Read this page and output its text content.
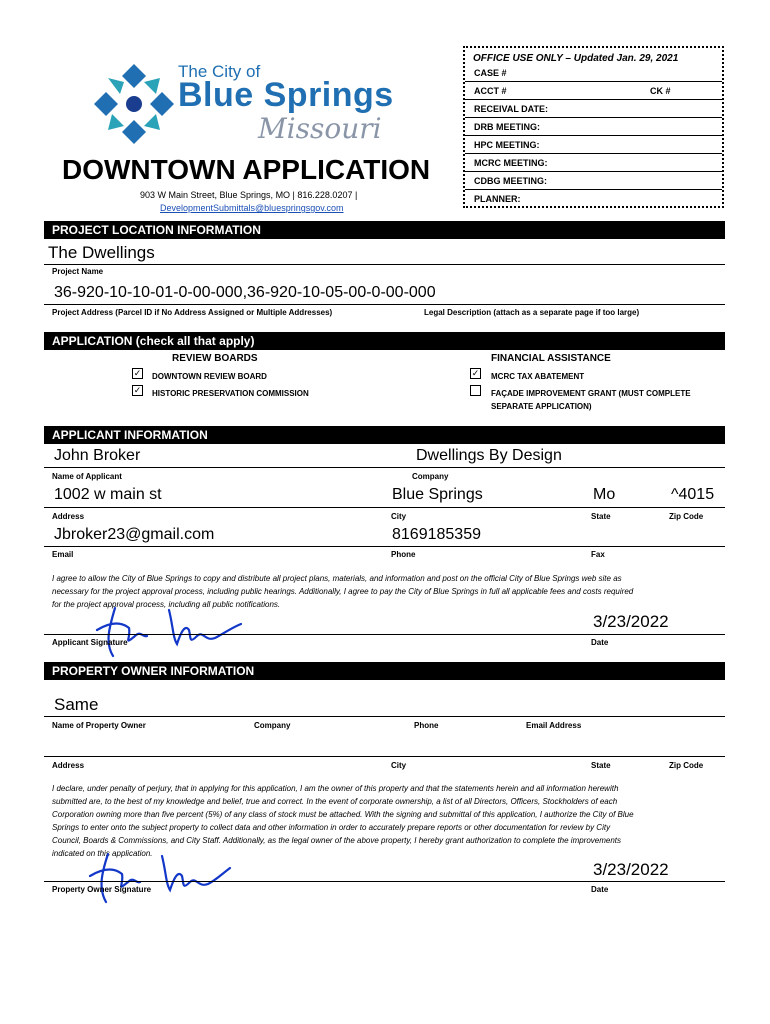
The City of
Blue Springs
Missouri
DOWNTOWN APPLICATION
903 W Main Street, Blue Springs, MO | 816.228.0207 |
DevelopmentSubmittals@bluespringsgov.com
OFFICE USE ONLY – Updated Jan. 29, 2021
CASE #
ACCT #	CK #
RECEIVAL DATE:
DRB MEETING:
HPC MEETING:
MCRC MEETING:
CDBG MEETING:
PLANNER:
PROJECT LOCATION INFORMATION
The Dwellings
Project Name
36-920-10-10-01-0-00-000,36-920-10-05-00-0-00-000
Project Address (Parcel ID if No Address Assigned or Multiple Addresses)	Legal Description (attach as a separate page if too large)
APPLICATION (check all that apply)
REVIEW BOARDS	FINANCIAL ASSISTANCE
✓ DOWNTOWN REVIEW BOARD
✓ HISTORIC PRESERVATION COMMISSION
✓ MCRC TAX ABATEMENT
FAÇADE IMPROVEMENT GRANT (MUST COMPLETE
SEPARATE APPLICATION)
APPLICANT INFORMATION
John Broker	Dwellings By Design
Name of Applicant	Company
1002 w main st	Blue Springs	Mo	^4015
Address	City	State	Zip Code
Jbroker23@gmail.com	8169185359
Email	Phone	Fax
I agree to allow the City of Blue Springs to copy and distribute all project plans, materials, and information and post on the official City of Blue Springs web site as
necessary for the project approval process, including public hearings. Additionally, I agree to pay the City of Blue Springs in full all applicable fees and costs required
for the project approval process, including all public notifications.
3/23/2022
Applicant Signature	Date
PROPERTY OWNER INFORMATION
Same
Name of Property Owner	Company	Phone	Email Address
Address	City	State	Zip Code
I declare, under penalty of perjury, that in applying for this application, I am the owner of this property and that the statements herein and all information herewith
submitted are, to the best of my knowledge and belief, true and correct. In the event of corporate ownership, a list of all Directors, Officers, Stockholders of each
Corporation owning more than five percent (5%) of any class of stock must be attached. With the signing and submittal of this application, I authorize the City of Blue
Springs to enter onto the subject property to collect data and other information in order to accurately prepare reports or other documentation for review by City
Council, Boards & Commissions, and City Staff. Additionally, as the legal owner of the above property, I hereby grant authorization to complete the improvements
indicated on this application.
3/23/2022
Property Owner Signature	Date
